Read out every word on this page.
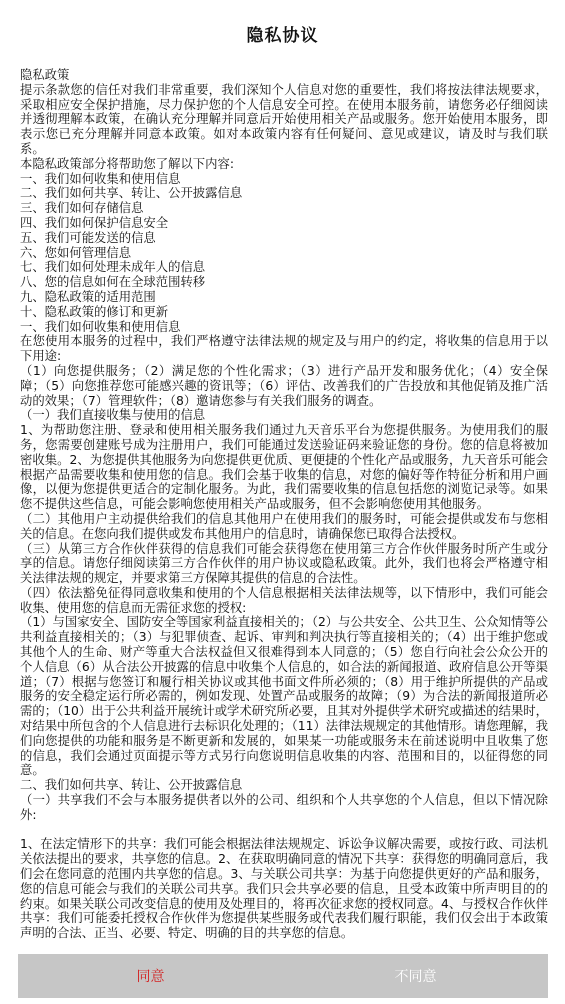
隐私协议

隐私政策

提示条款您的信任对我们非常重要，我们深知个人信息对您的重要性，我们将按法律法规要求，采取相应安全保护措施，尽力保护您的个人信息安全可控。在使用本服务前，请您务必仔细阅读并透彻理解本政策，在确认充分理解并同意后开始使用相关产品或服务。您开始使用本服务，即表示您已充分理解并同意本政策。如对本政策内容有任何疑问、意见或建议，请及时与我们联系。

本隐私政策部分将帮助您了解以下内容:

一、我们如何收集和使用信息

二、我们如何共享、转让、公开披露信息

三、我们如何存储信息

四、我们如何保护信息安全

五、我们可能发送的信息

六、您如何管理信息

七、我们如何处理未成年人的信息

八、您的信息如何在全球范围转移

九、隐私政策的适用范围

十、隐私政策的修订和更新

一、我们如何收集和使用信息

在您使用本服务的过程中，我们严格遵守法律法规的规定及与用户的约定，将收集的信息用于以下用途:

（1）向您提供服务；（2）满足您的个性化需求；（3）进行产品开发和服务优化；（4）安全保障；（5）向您推荐您可能感兴趣的资讯等；（6）评估、改善我们的广告投放和其他促销及推广活动的效果；（7）管理软件；（8）邀请您参与有关我们服务的调查。

（一）我们直接收集与使用的信息

1、为帮助您注册、登录和使用相关服务我们通过九天音乐平台为您提供服务。为使用我们的服务，您需要创建账号成为注册用户，我们可能通过发送验证码来验证您的身份。您的信息将被加密收集。2、为您提供其他服务为向您提供更优质、更便捷的个性化产品或服务，九天音乐可能会根据产品需要收集和使用您的信息。我们会基于收集的信息，对您的偏好等作特征分析和用户画像，以便为您提供更适合的定制化服务。为此，我们需要收集的信息包括您的浏览记录等。如果您不提供这些信息，可能会影响您使用相关产品或服务，但不会影响您使用其他服务。

（二）其他用户主动提供给我们的信息其他用户在使用我们的服务时，可能会提供或发布与您相关的信息。在您向我们提供或发布其他用户的信息时，请确保您已取得合法授权。

（三）从第三方合作伙伴获得的信息我们可能会获得您在使用第三方合作伙伴服务时所产生或分享的信息。请您仔细阅读第三方合作伙伴的用户协议或隐私政策。此外，我们也将会严格遵守相关法律法规的规定，并要求第三方保障其提供的信息的合法性。

（四）依法豁免征得同意收集和使用的个人信息根据相关法律法规等，以下情形中，我们可能会收集、使用您的信息而无需征求您的授权:

（1）与国家安全、国防安全等国家利益直接相关的；（2）与公共安全、公共卫生、公众知情等公共利益直接相关的；（3）与犯罪侦查、起诉、审判和判决执行等直接相关的；（4）出于维护您或其他个人的生命、财产等重大合法权益但又很难得到本人同意的；（5）您自行向社会公众公开的个人信息（6）从合法公开披露的信息中收集个人信息的，如合法的新闻报道、政府信息公开等渠道；（7）根据与您签订和履行相关协议或其他书面文件所必须的；（8）用于维护所提供的产品或服务的安全稳定运行所必需的，例如发现、处置产品或服务的故障；（9）为合法的新闻报道所必需的；（10）出于公共利益开展统计或学术研究所必要，且其对外提供学术研究或描述的结果时，对结果中所包含的个人信息进行去标识化处理的；（11）法律法规规定的其他情形。请您理解，我们向您提供的功能和服务是不断更新和发展的，如果某一功能或服务未在前述说明中且收集了您的信息，我们会通过页面提示等方式另行向您说明信息收集的内容、范围和目的，以征得您的同意。

二、我们如何共享、转让、公开披露信息

（一）共享我们不会与本服务提供者以外的公司、组织和个人共享您的个人信息，但以下情况除外:

1、在法定情形下的共享：我们可能会根据法律法规规定、诉讼争议解决需要，或按行政、司法机关依法提出的要求，共享您的信息。2、在获取明确同意的情况下共享：获得您的明确同意后，我们会在您同意的范围内共享您的信息。3、与关联公司共享：为基于向您提供更好的产品和服务，您的信息可能会与我们的关联公司共享。我们只会共享必要的信息，且受本政策中所声明目的的约束。如果关联公司改变信息的使用及处理目的，将再次征求您的授权同意。4、与授权合作伙伴共享：我们可能委托授权合作伙伴为您提供某些服务或代表我们履行职能，我们仅会出于本政策声明的合法、正当、必要、特定、明确的目的共享您的信息。

同意	不同意
